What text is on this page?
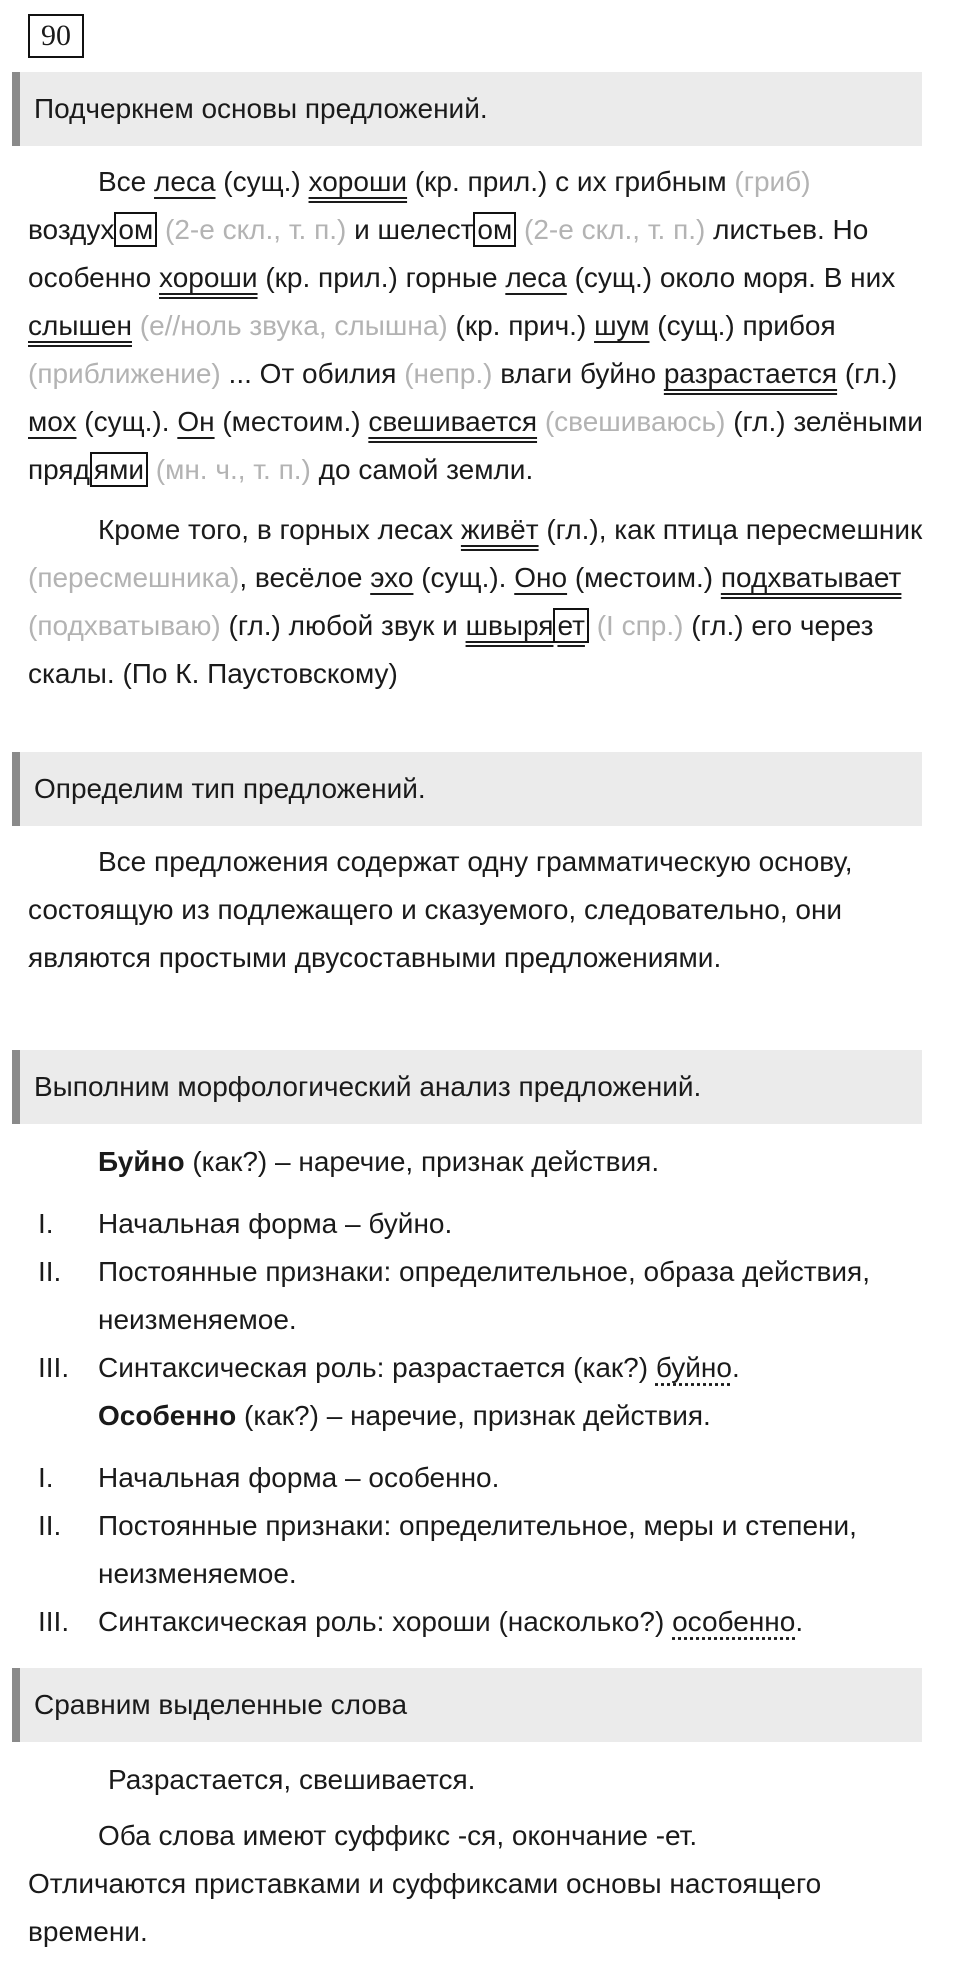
90
Подчеркнем основы предложений.

Все леса (сущ.) хороши (кр. прил.) с их грибным (гриб) воздух ом (2-е скл., т. п.) и шелест ом (2-е скл., т. п.) листьев. Но особенно хороши (кр. прил.) горные леса (сущ.) около моря. В них слышен (е//ноль звука, слышна) (кр. прич.) шум (сущ.) прибоя (приближение) ... От обилия (непр.) влаги буйно разрастается (гл.) мох (сущ.). Он (местоим.) свешивается (свешиваюсь) (гл.) зелёными пряд ями (мн. ч., т. п.) до самой земли.

Кроме того, в горных лесах живёт (гл.), как птица пересмешник (пересмешника), весёлое эхо (сущ.). Оно (местоим.) подхватывает (подхватываю) (гл.) любой звук и швыря ет (I спр.) (гл.) его через скалы. (По К. Паустовскому)

Определим тип предложений.

Все предложения содержат одну грамматическую основу, состоящую из подлежащего и сказуемого, следовательно, они являются простыми двусоставными предложениями.

Выполним морфологический анализ предложений.
Буйно (как?) – наречие, признак действия.
I.	Начальная форма – буйно.
II.	Постоянные признаки: определительное, образа действия, неизменяемое.
III.	Синтаксическая роль: разрастается (как?) буйно.
Особенно (как?) – наречие, признак действия.
I.	Начальная форма – особенно.
II.	Постоянные признаки: определительное, меры и степени, неизменяемое.
III.	Синтаксическая роль: хороши (насколько?) особенно.
Сравним выделенные слова
Разрастается, свешивается.

Оба слова имеют суффикс -ся, окончание -ет.

Отличаются приставками и суффиксами основы настоящего времени.
